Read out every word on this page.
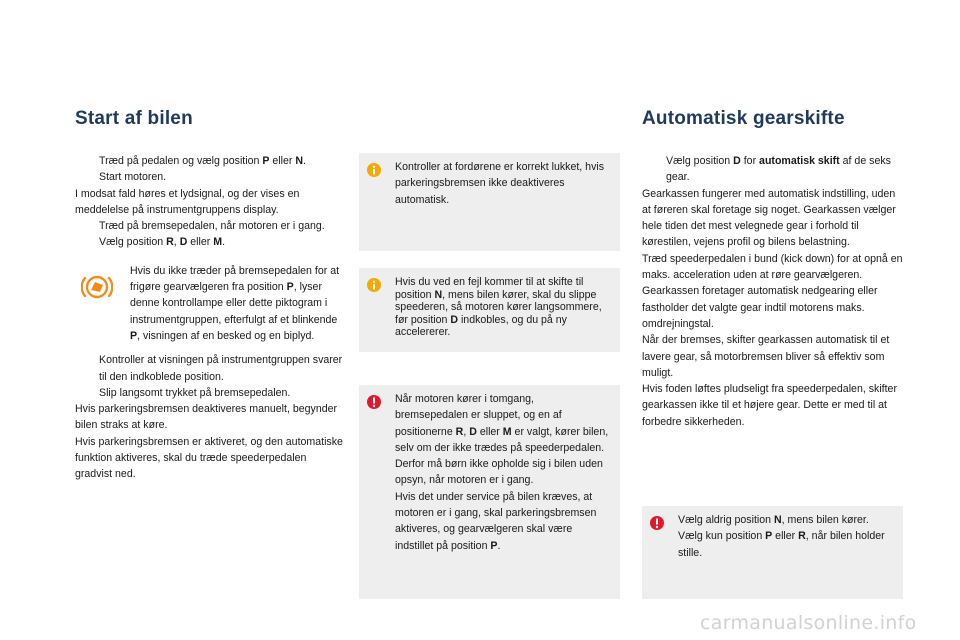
Start af bilen	Automatisk gearskifte
Træd på pedalen og vælg position P eller N.
Start motoren.
I modsat fald høres et lydsignal, og der vises en meddelelse på instrumentgruppens display.
Træd på bremsepedalen, når motoren er i gang.
Vælg position R, D eller M.
Hvis du ikke træder på bremsepedalen for at frigøre gearvælgeren fra position P, lyser denne kontrollampe eller dette piktogram i instrumentgruppen, efterfulgt af et blinkende P, visningen af en besked og en biplyd.
Kontroller at visningen på instrumentgruppen svarer til den indkoblede position.
Slip langsomt trykket på bremsepedalen.
Hvis parkeringsbremsen deaktiveres manuelt, begynder bilen straks at køre.
Hvis parkeringsbremsen er aktiveret, og den automatiske funktion aktiveres, skal du træde speederpedalen gradvist ned.
Kontroller at fordørene er korrekt lukket, hvis parkeringsbremsen ikke deaktiveres automatisk.
Hvis du ved en fejl kommer til at skifte til position N, mens bilen kører, skal du slippe speederen, så motoren kører langsommere, før position D indkobles, og du på ny accelererer.
Når motoren kører i tomgang, bremsepedalen er sluppet, og en af positionerne R, D eller M er valgt, kører bilen, selv om der ikke trædes på speederpedalen.
Derfor må børn ikke opholde sig i bilen uden opsyn, når motoren er i gang.
Hvis det under service på bilen kræves, at motoren er i gang, skal parkeringsbremsen aktiveres, og gearvælgeren skal være indstillet på position P.
Vælg position D for automatisk skift af de seks gear.
Gearkassen fungerer med automatisk indstilling, uden at føreren skal foretage sig noget. Gearkassen vælger hele tiden det mest velegnede gear i forhold til kørestilen, vejens profil og bilens belastning.
Træd speederpedalen i bund (kick down) for at opnå en maks. acceleration uden at røre gearvælgeren. Gearkassen foretager automatisk nedgearing eller fastholder det valgte gear indtil motorens maks. omdrejningstal.
Når der bremses, skifter gearkassen automatisk til et lavere gear, så motorbremsen bliver så effektiv som muligt.
Hvis foden løftes pludseligt fra speederpedalen, skifter gearkassen ikke til et højere gear. Dette er med til at forbedre sikkerheden.
Vælg aldrig position N, mens bilen kører.
Vælg kun position P eller R, når bilen holder stille.
carmanualsonline.info
